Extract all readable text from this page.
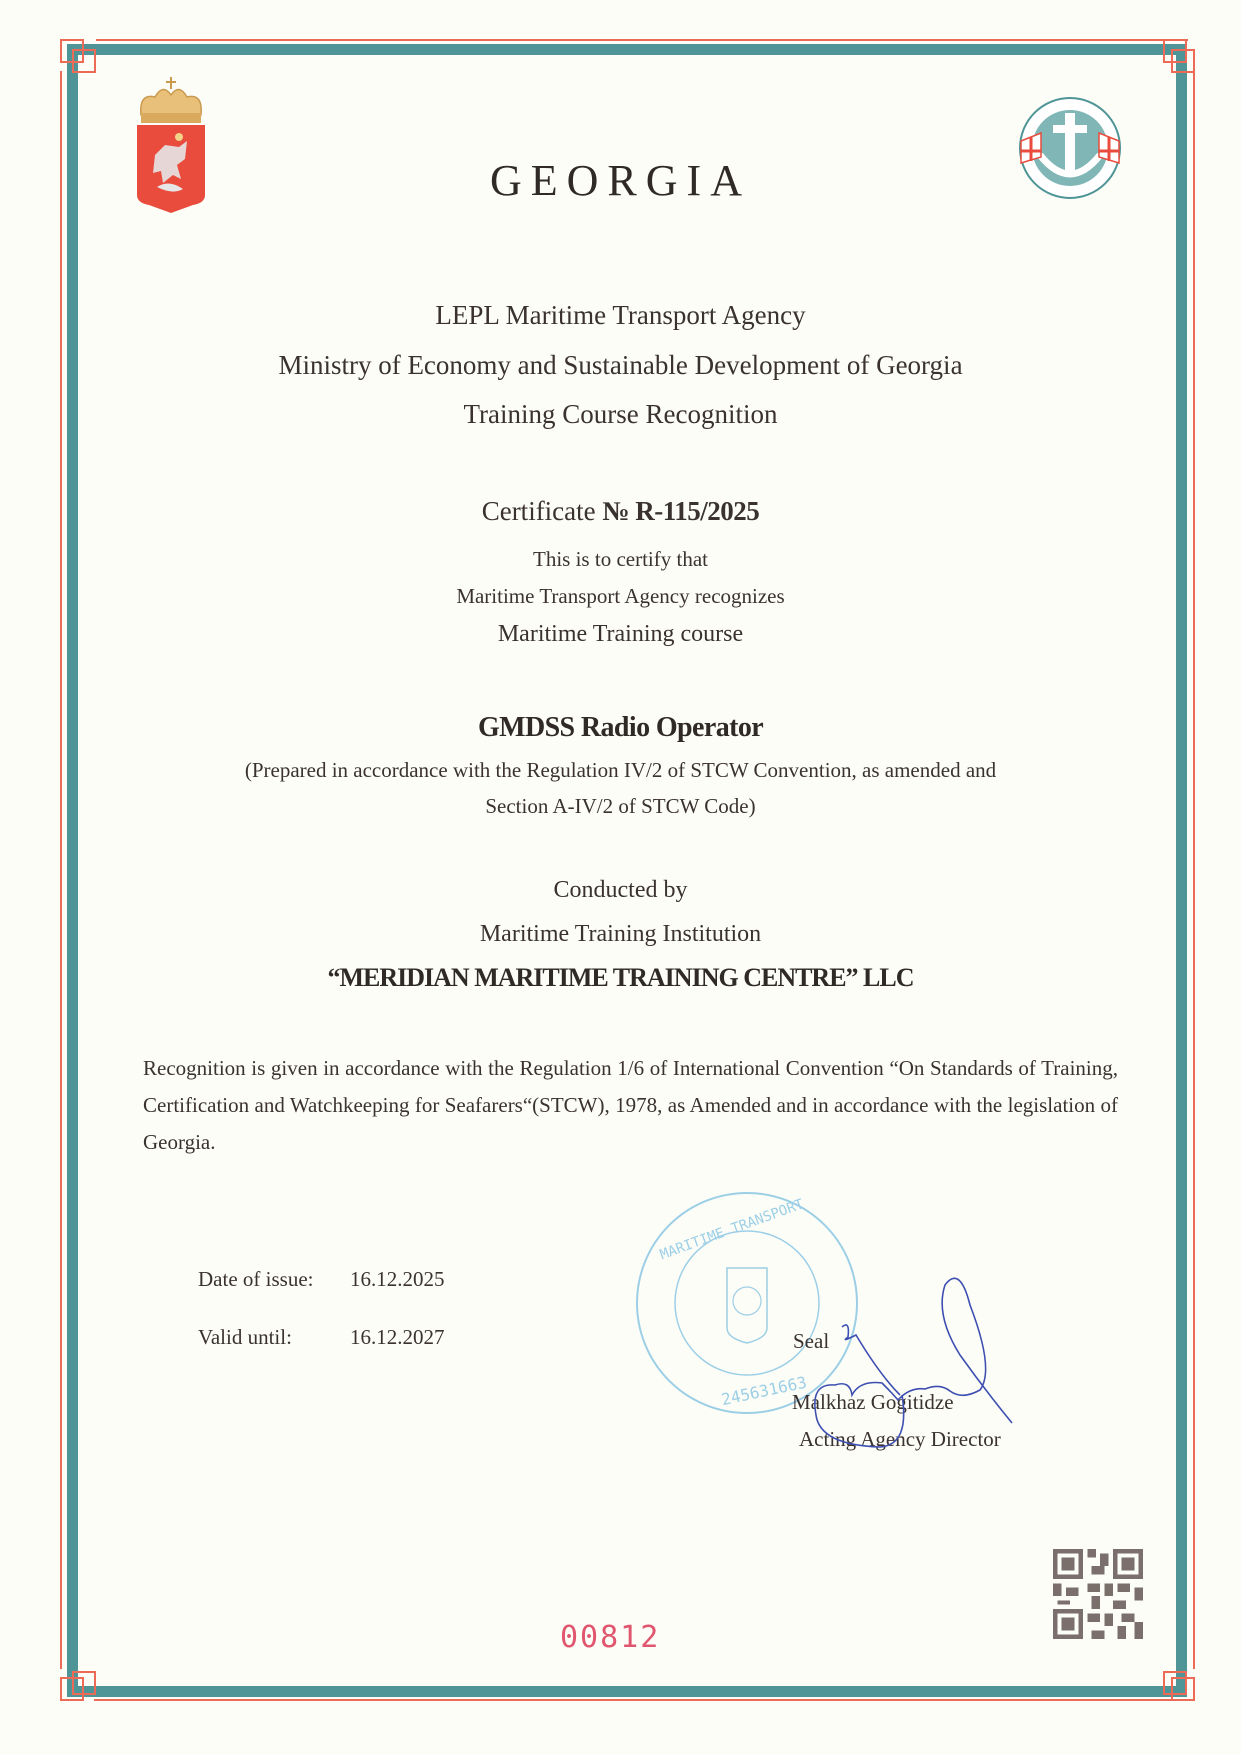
GEORGIA
LEPL Maritime Transport Agency
Ministry of Economy and Sustainable Development of Georgia
Training Course Recognition
Certificate № R-115/2025
This is to certify that
Maritime Transport Agency recognizes
Maritime Training course
GMDSS Radio Operator
(Prepared in accordance with the Regulation IV/2 of STCW Convention, as amended and
Section A-IV/2 of STCW Code)
Conducted by
Maritime Training Institution
“MERIDIAN MARITIME TRAINING CENTRE” LLC
Recognition is given in accordance with the Regulation 1/6 of International Convention “On Standards of Training, Certification and Watchkeeping for Seafarers“(STCW), 1978, as Amended and in accordance with the legislation of Georgia.
MARITIME TRANSPORT
245631663
Date of issue: 16.12.2025
Valid until:	16.12.2027	Seal
Malkhaz Gogitidze
Acting Agency Director
00812
